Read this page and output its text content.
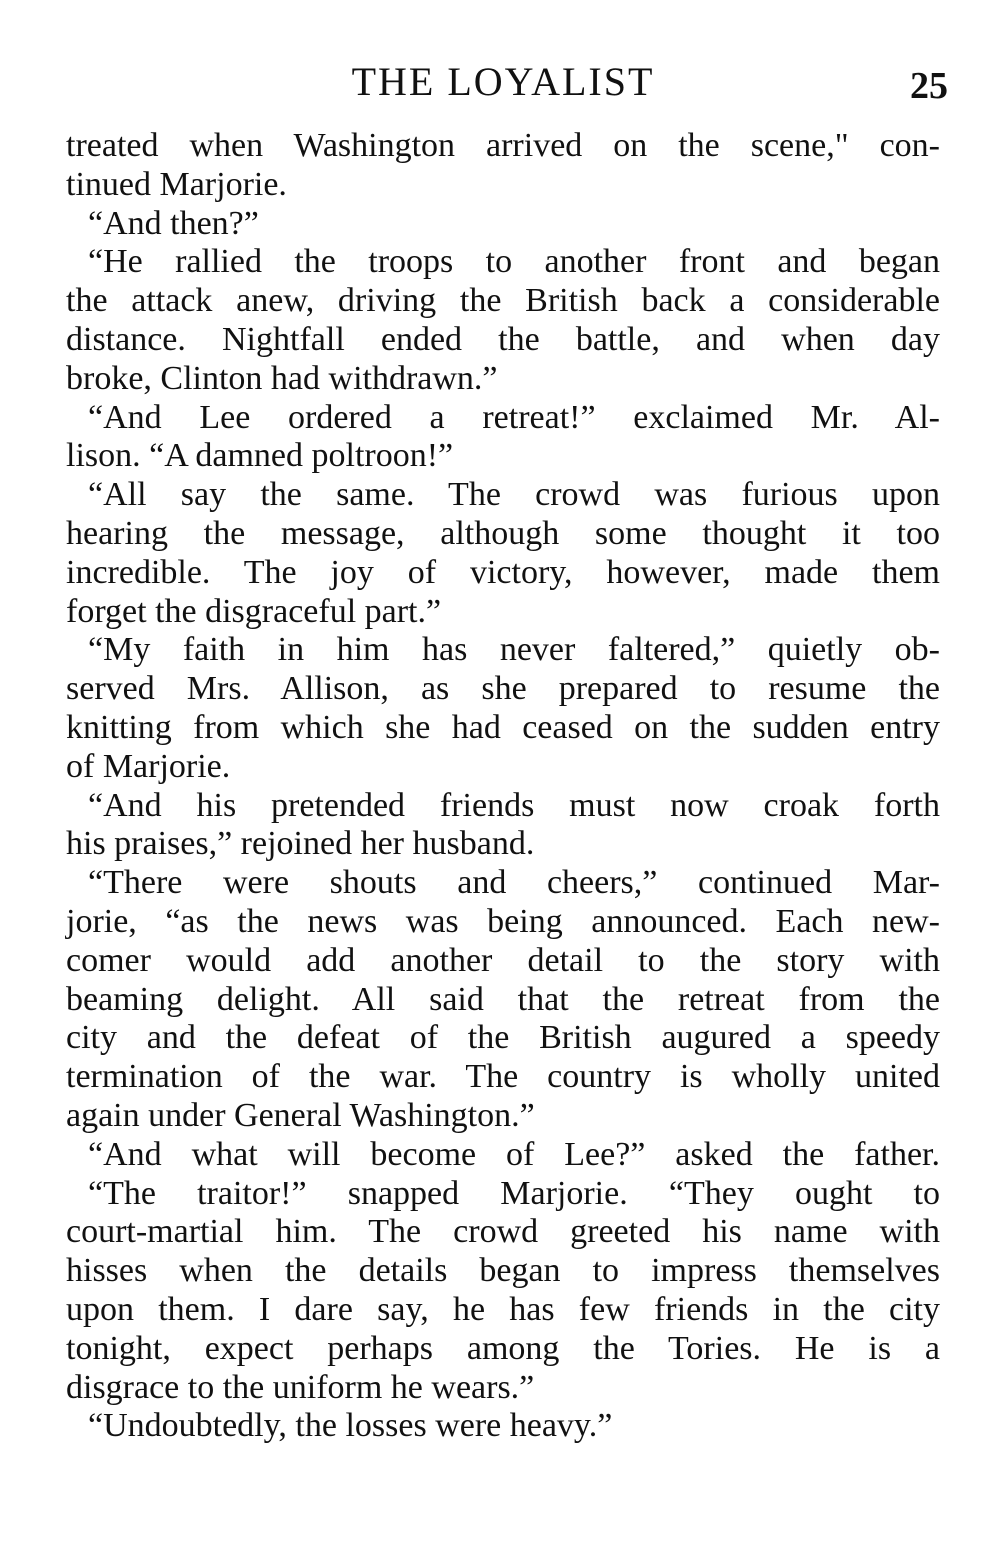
THE LOYALIST	25
treated when Washington arrived on the scene," con-
tinued Marjorie.
“And then?”
“He rallied the troops to another front and began
the attack anew, driving the British back a considerable
distance. Nightfall ended the battle, and when day
broke, Clinton had withdrawn.”
“And Lee ordered a retreat!” exclaimed Mr. Al-
lison. “A damned poltroon!”
“All say the same. The crowd was furious upon
hearing the message, although some thought it too
incredible. The joy of victory, however, made them
forget the disgraceful part.”
“My faith in him has never faltered,” quietly ob-
served Mrs. Allison, as she prepared to resume the
knitting from which she had ceased on the sudden entry
of Marjorie.
“And his pretended friends must now croak forth
his praises,” rejoined her husband.
“There were shouts and cheers,” continued Mar-
jorie, “as the news was being announced. Each new-
comer would add another detail to the story with
beaming delight. All said that the retreat from the
city and the defeat of the British augured a speedy
termination of the war. The country is wholly united
again under General Washington.”
“And what will become of Lee?” asked the father.
“The traitor!” snapped Marjorie. “They ought to
court-martial him. The crowd greeted his name with
hisses when the details began to impress themselves
upon them. I dare say, he has few friends in the city
tonight, expect perhaps among the Tories. He is a
disgrace to the uniform he wears.”
“Undoubtedly, the losses were heavy.”
